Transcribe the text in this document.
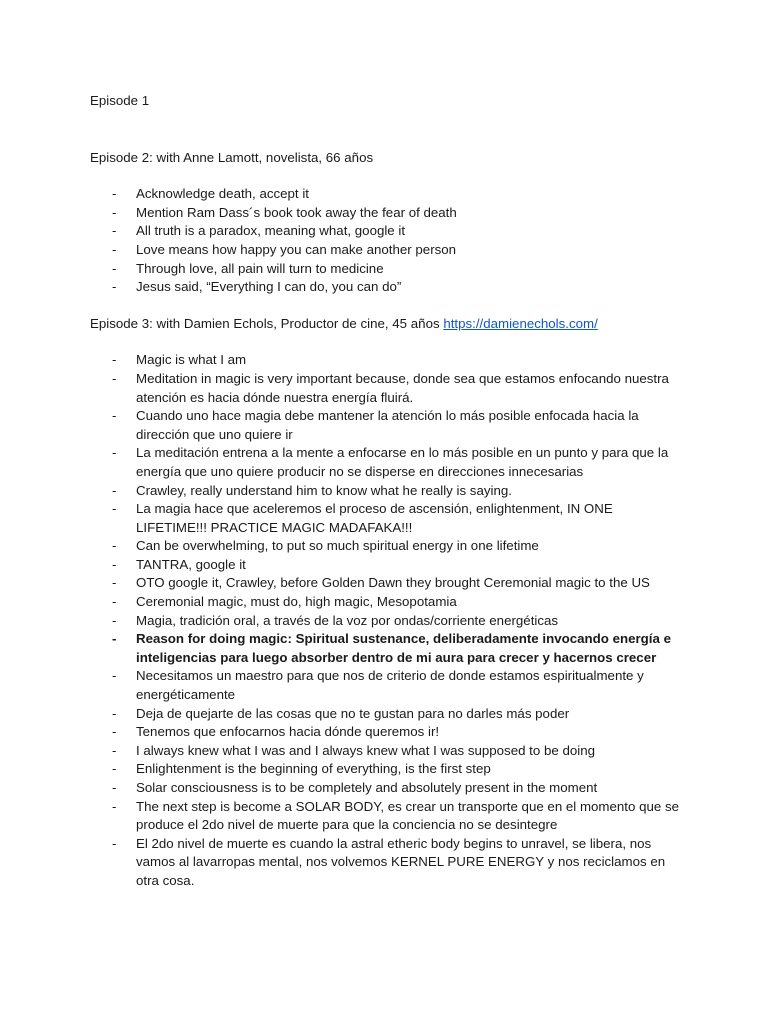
Episode 1

Episode 2: with Anne Lamott, novelista, 66 años

- Acknowledge death, accept it
- Mention Ram Dass´s book took away the fear of death
- All truth is a paradox, meaning what, google it
- Love means how happy you can make another person
- Through love, all pain will turn to medicine
- Jesus said, “Everything I can do, you can do”

Episode 3: with Damien Echols, Productor de cine, 45 años https://damienechols.com/

- Magic is what I am
- Meditation in magic is very important because, donde sea que estamos enfocando nuestra atención es hacia dónde nuestra energía fluirá.
- Cuando uno hace magia debe mantener la atención lo más posible enfocada hacia la dirección que uno quiere ir
- La meditación entrena a la mente a enfocarse en lo más posible en un punto y para que la energía que uno quiere producir no se disperse en direcciones innecesarias
- Crawley, really understand him to know what he really is saying.
- La magia hace que aceleremos el proceso de ascensión, enlightenment, IN ONE LIFETIME!!! PRACTICE MAGIC MADAFAKA!!!
- Can be overwhelming, to put so much spiritual energy in one lifetime
- TANTRA, google it
- OTO google it, Crawley, before Golden Dawn they brought Ceremonial magic to the US
- Ceremonial magic, must do, high magic, Mesopotamia
- Magia, tradición oral, a través de la voz por ondas/corriente energéticas
- Reason for doing magic: Spiritual sustenance, deliberadamente invocando energía e inteligencias para luego absorber dentro de mi aura para crecer y hacernos crecer
- Necesitamos un maestro para que nos de criterio de donde estamos espiritualmente y energéticamente
- Deja de quejarte de las cosas que no te gustan para no darles más poder
- Tenemos que enfocarnos hacia dónde queremos ir!
- I always knew what I was and I always knew what I was supposed to be doing
- Enlightenment is the beginning of everything, is the first step
- Solar consciousness is to be completely and absolutely present in the moment
- The next step is become a SOLAR BODY, es crear un transporte que en el momento que se produce el 2do nivel de muerte para que la conciencia no se desintegre
- El 2do nivel de muerte es cuando la astral etheric body begins to unravel, se libera, nos vamos al lavarropas mental, nos volvemos KERNEL PURE ENERGY y nos reciclamos en otra cosa.
